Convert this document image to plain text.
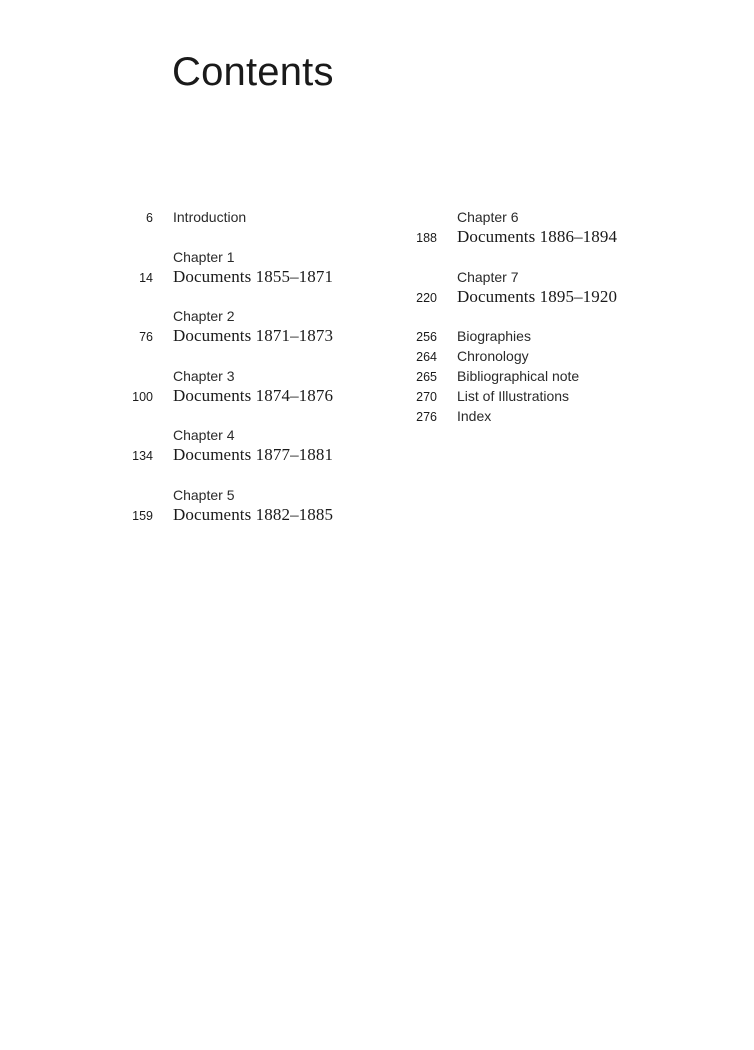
Contents
6 Introduction
Chapter 1
14 Documents 1855–1871
Chapter 2
76 Documents 1871–1873
Chapter 3
100 Documents 1874–1876
Chapter 4
134 Documents 1877–1881
Chapter 5
159 Documents 1882–1885
Chapter 6
188 Documents 1886–1894
Chapter 7
220 Documents 1895–1920
256 Biographies
264 Chronology
265 Bibliographical note
270 List of Illustrations
276 Index
